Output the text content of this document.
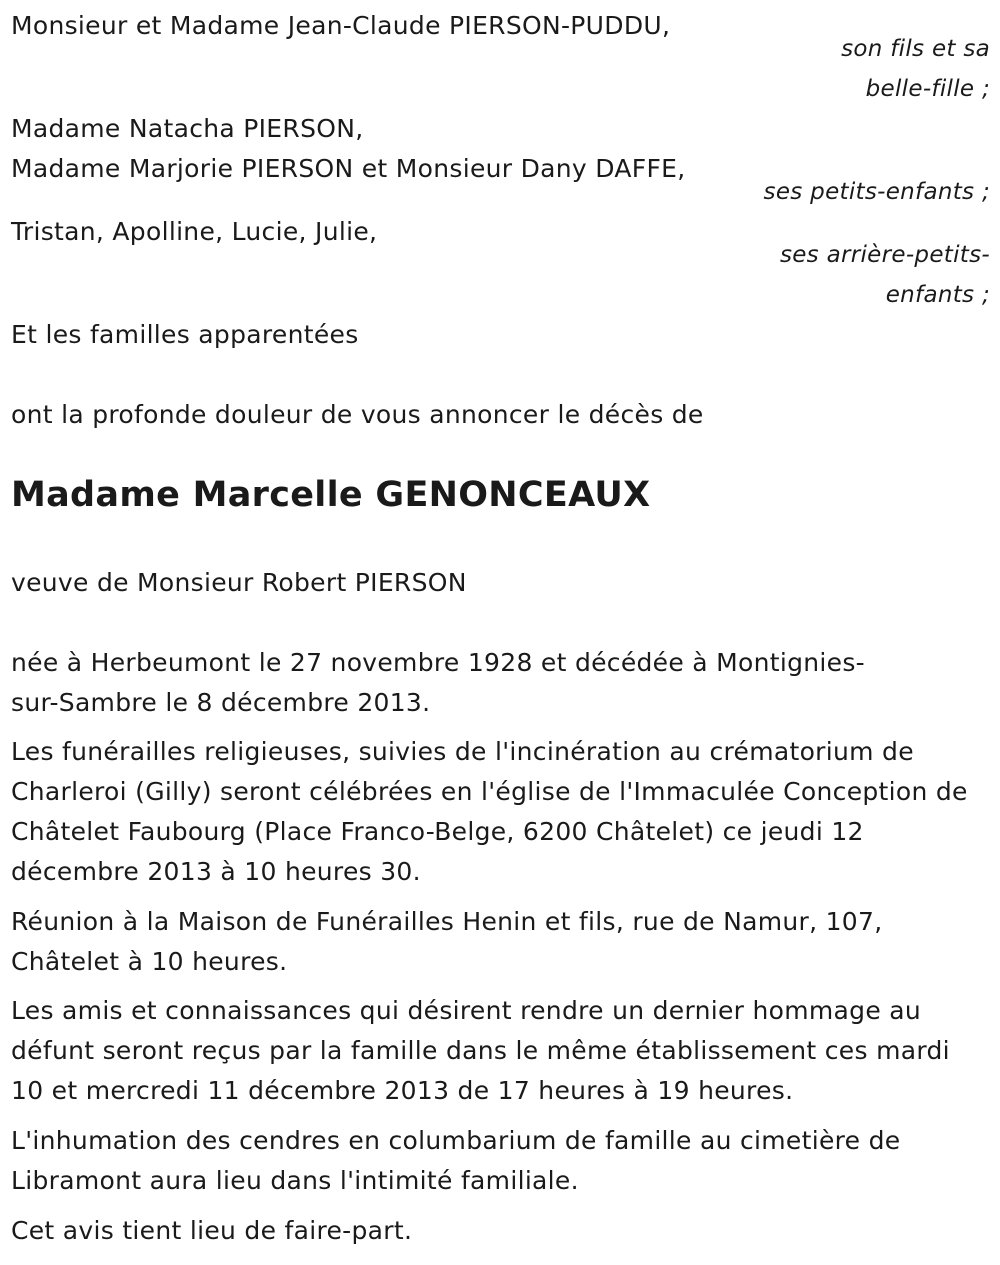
Monsieur et Madame Jean-Claude PIERSON-PUDDU,

son fils et sa

belle-fille ;

Madame Natacha PIERSON,

Madame Marjorie PIERSON et Monsieur Dany DAFFE,

ses petits-enfants ;

Tristan, Apolline, Lucie, Julie,

ses arrière-petits-

enfants ;

Et les familles apparentées

ont la profonde douleur de vous annoncer le décès de

Madame Marcelle GENONCEAUX

veuve de Monsieur Robert PIERSON

née à Herbeumont le 27 novembre 1928 et décédée à Montignies-

sur-Sambre le 8 décembre 2013.

Les funérailles religieuses, suivies de l'incinération au crématorium de Charleroi (Gilly) seront célébrées en l'église de l'Immaculée Conception de Châtelet Faubourg (Place Franco-Belge, 6200 Châtelet) ce jeudi 12 décembre 2013 à 10 heures 30.

Réunion à la Maison de Funérailles Henin et fils, rue de Namur, 107, Châtelet à 10 heures.

Les amis et connaissances qui désirent rendre un dernier hommage au défunt seront reçus par la famille dans le même établissement ces mardi 10 et mercredi 11 décembre 2013 de 17 heures à 19 heures.

L'inhumation des cendres en columbarium de famille au cimetière de Libramont aura lieu dans l'intimité familiale.

Cet avis tient lieu de faire-part.
